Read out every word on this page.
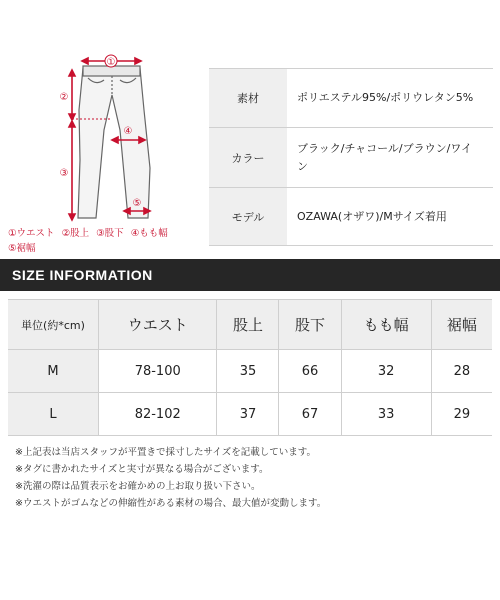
①
②
③
④
⑤
①ウエスト ②股上 ③股下 ④もも幅
⑤裾幅
素材	ポリエステル95%/ポリウレタン5%
カラー	ブラック/チャコール/ブラウン/ワイン
モデル	OZAWA(オザワ)/Mサイズ着用
SIZE INFORMATION
単位(約*cm)	ウエスト	股上	股下	もも幅	裾幅
M	78-100	35	66	32	28
L	82-102	37	67	33	29
※上記表は当店スタッフが平置きで採寸したサイズを記載しています。
※タグに書かれたサイズと実寸が異なる場合がございます。
※洗濯の際は品質表示をお確かめの上お取り扱い下さい。
※ウエストがゴムなどの伸縮性がある素材の場合、最大値が変動します。
